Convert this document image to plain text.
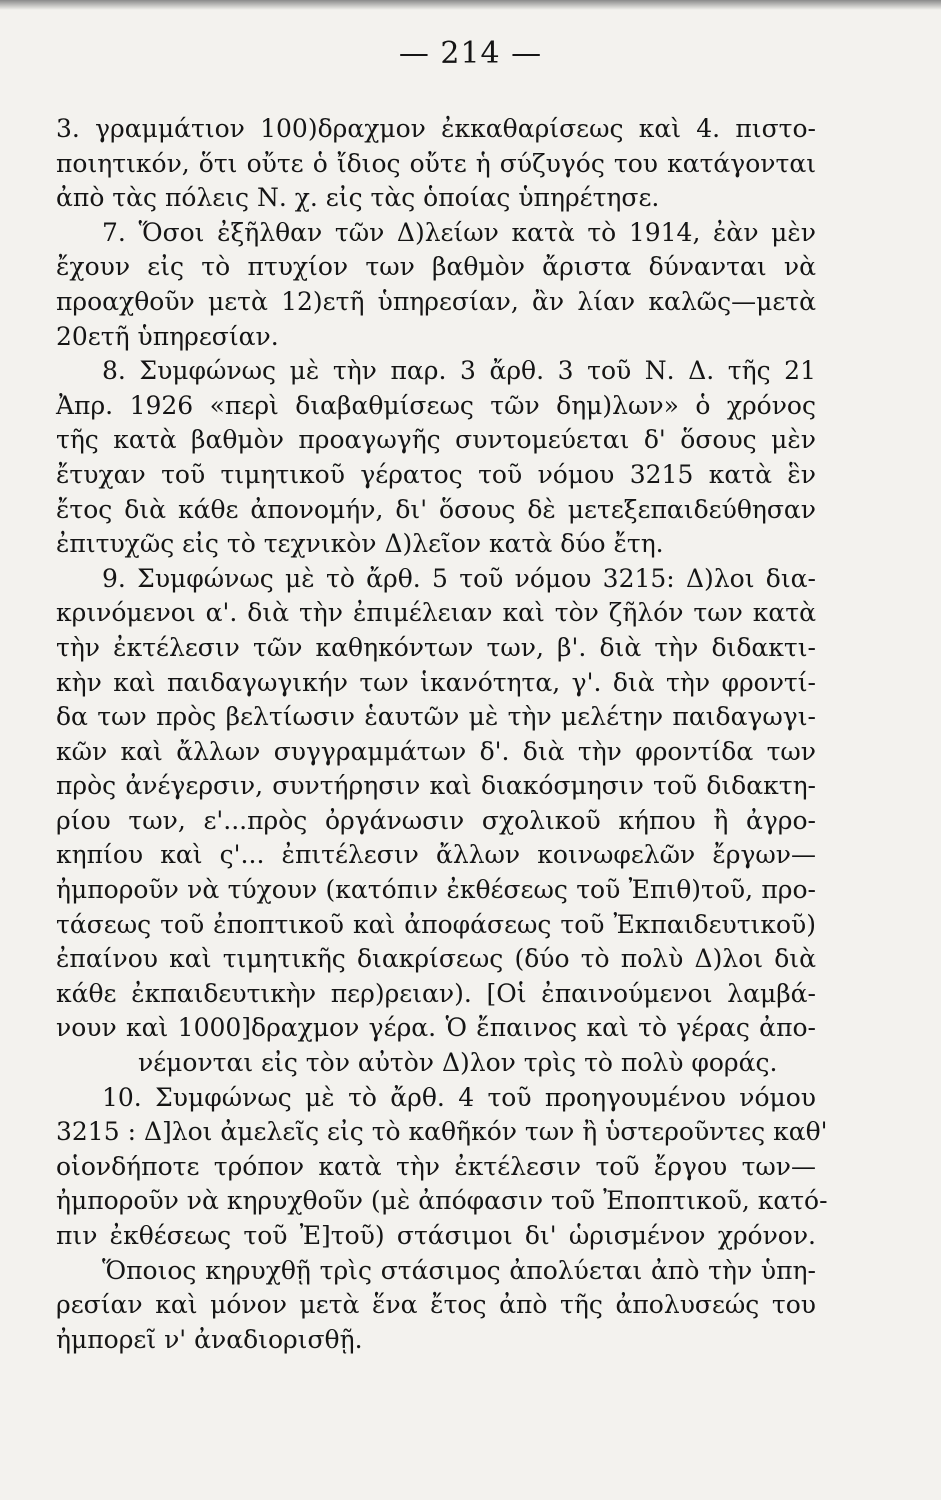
— 214 —
3. γραμμάτιον 100)δραχμον ἐκκαθαρίσεως καὶ 4. πιστο-
ποιητικόν, ὅτι οὔτε ὁ ἴδιος οὔτε ἡ σύζυγός του κατάγονται
ἀπὸ τὰς πόλεις Ν. χ. εἰς τὰς ὁποίας ὑπηρέτησε.
7. Ὅσοι ἐξῆλθαν τῶν Δ)λείων κατὰ τὸ 1914, ἐὰν μὲν
ἔχουν εἰς τὸ πτυχίον των βαθμὸν ἄριστα δύνανται νὰ
προαχθοῦν μετὰ 12)ετῆ ὑπηρεσίαν, ἂν λίαν καλῶς—μετὰ
20ετῆ ὑπηρεσίαν.
8. Συμφώνως μὲ τὴν παρ. 3 ἄρθ. 3 τοῦ Ν. Δ. τῆς 21
Ἀπρ. 1926 «περὶ διαβαθμίσεως τῶν δημ)λων» ὁ χρόνος
τῆς κατὰ βαθμὸν προαγωγῆς συντομεύεται δ' ὅσους μὲν
ἔτυχαν τοῦ τιμητικοῦ γέρατος τοῦ νόμου 3215 κατὰ ἓν
ἔτος διὰ κάθε ἀπονομήν, δι' ὅσους δὲ μετεξεπαιδεύθησαν
ἐπιτυχῶς εἰς τὸ τεχνικὸν Δ)λεῖον κατὰ δύο ἔτη.
9. Συμφώνως μὲ τὸ ἄρθ. 5 τοῦ νόμου 3215: Δ)λοι δια-
κρινόμενοι α'. διὰ τὴν ἐπιμέλειαν καὶ τὸν ζῆλόν των κατὰ
τὴν ἐκτέλεσιν τῶν καθηκόντων των, β'. διὰ τὴν διδακτι-
κὴν καὶ παιδαγωγικήν των ἱκανότητα, γ'. διὰ τὴν φροντί-
δα των πρὸς βελτίωσιν ἑαυτῶν μὲ τὴν μελέτην παιδαγωγι-
κῶν καὶ ἄλλων συγγραμμάτων δ'. διὰ τὴν φροντίδα των
πρὸς ἀνέγερσιν, συντήρησιν καὶ διακόσμησιν τοῦ διδακτη-
ρίου των, ε'...πρὸς ὀργάνωσιν σχολικοῦ κήπου ἢ ἀγρο-
κηπίου καὶ ς'... ἐπιτέλεσιν ἄλλων κοινωφελῶν ἔργων—
ἠμποροῦν νὰ τύχουν (κατόπιν ἐκθέσεως τοῦ Ἐπιθ)τοῦ, προ-
τάσεως τοῦ ἐποπτικοῦ καὶ ἀποφάσεως τοῦ Ἐκπαιδευτικοῦ)
ἐπαίνου καὶ τιμητικῆς διακρίσεως (δύο τὸ πολὺ Δ)λοι διὰ
κάθε ἐκπαιδευτικὴν περ)ρειαν). [Οἱ ἐπαινούμενοι λαμβά-
νουν καὶ 1000]δραχμον γέρα. Ὁ ἔπαινος καὶ τὸ γέρας ἀπο-
νέμονται εἰς τὸν αὐτὸν Δ)λον τρὶς τὸ πολὺ φοράς.
10. Συμφώνως μὲ τὸ ἄρθ. 4 τοῦ προηγουμένου νόμου
3215 : Δ]λοι ἀμελεῖς εἰς τὸ καθῆκόν των ἢ ὑστεροῦντες καθ'
οἱονδήποτε τρόπον κατὰ τὴν ἐκτέλεσιν τοῦ ἔργου των—
ἠμποροῦν νὰ κηρυχθοῦν (μὲ ἀπόφασιν τοῦ Ἐποπτικοῦ, κατό-
πιν ἐκθέσεως τοῦ Ἐ]τοῦ) στάσιμοι δι' ὡρισμένον χρόνον.
Ὅποιος κηρυχθῇ τρὶς στάσιμος ἀπολύεται ἀπὸ τὴν ὑπη-
ρεσίαν καὶ μόνον μετὰ ἕνα ἔτος ἀπὸ τῆς ἀπολυσεώς του
ἠμπορεῖ ν' ἀναδιορισθῇ.
